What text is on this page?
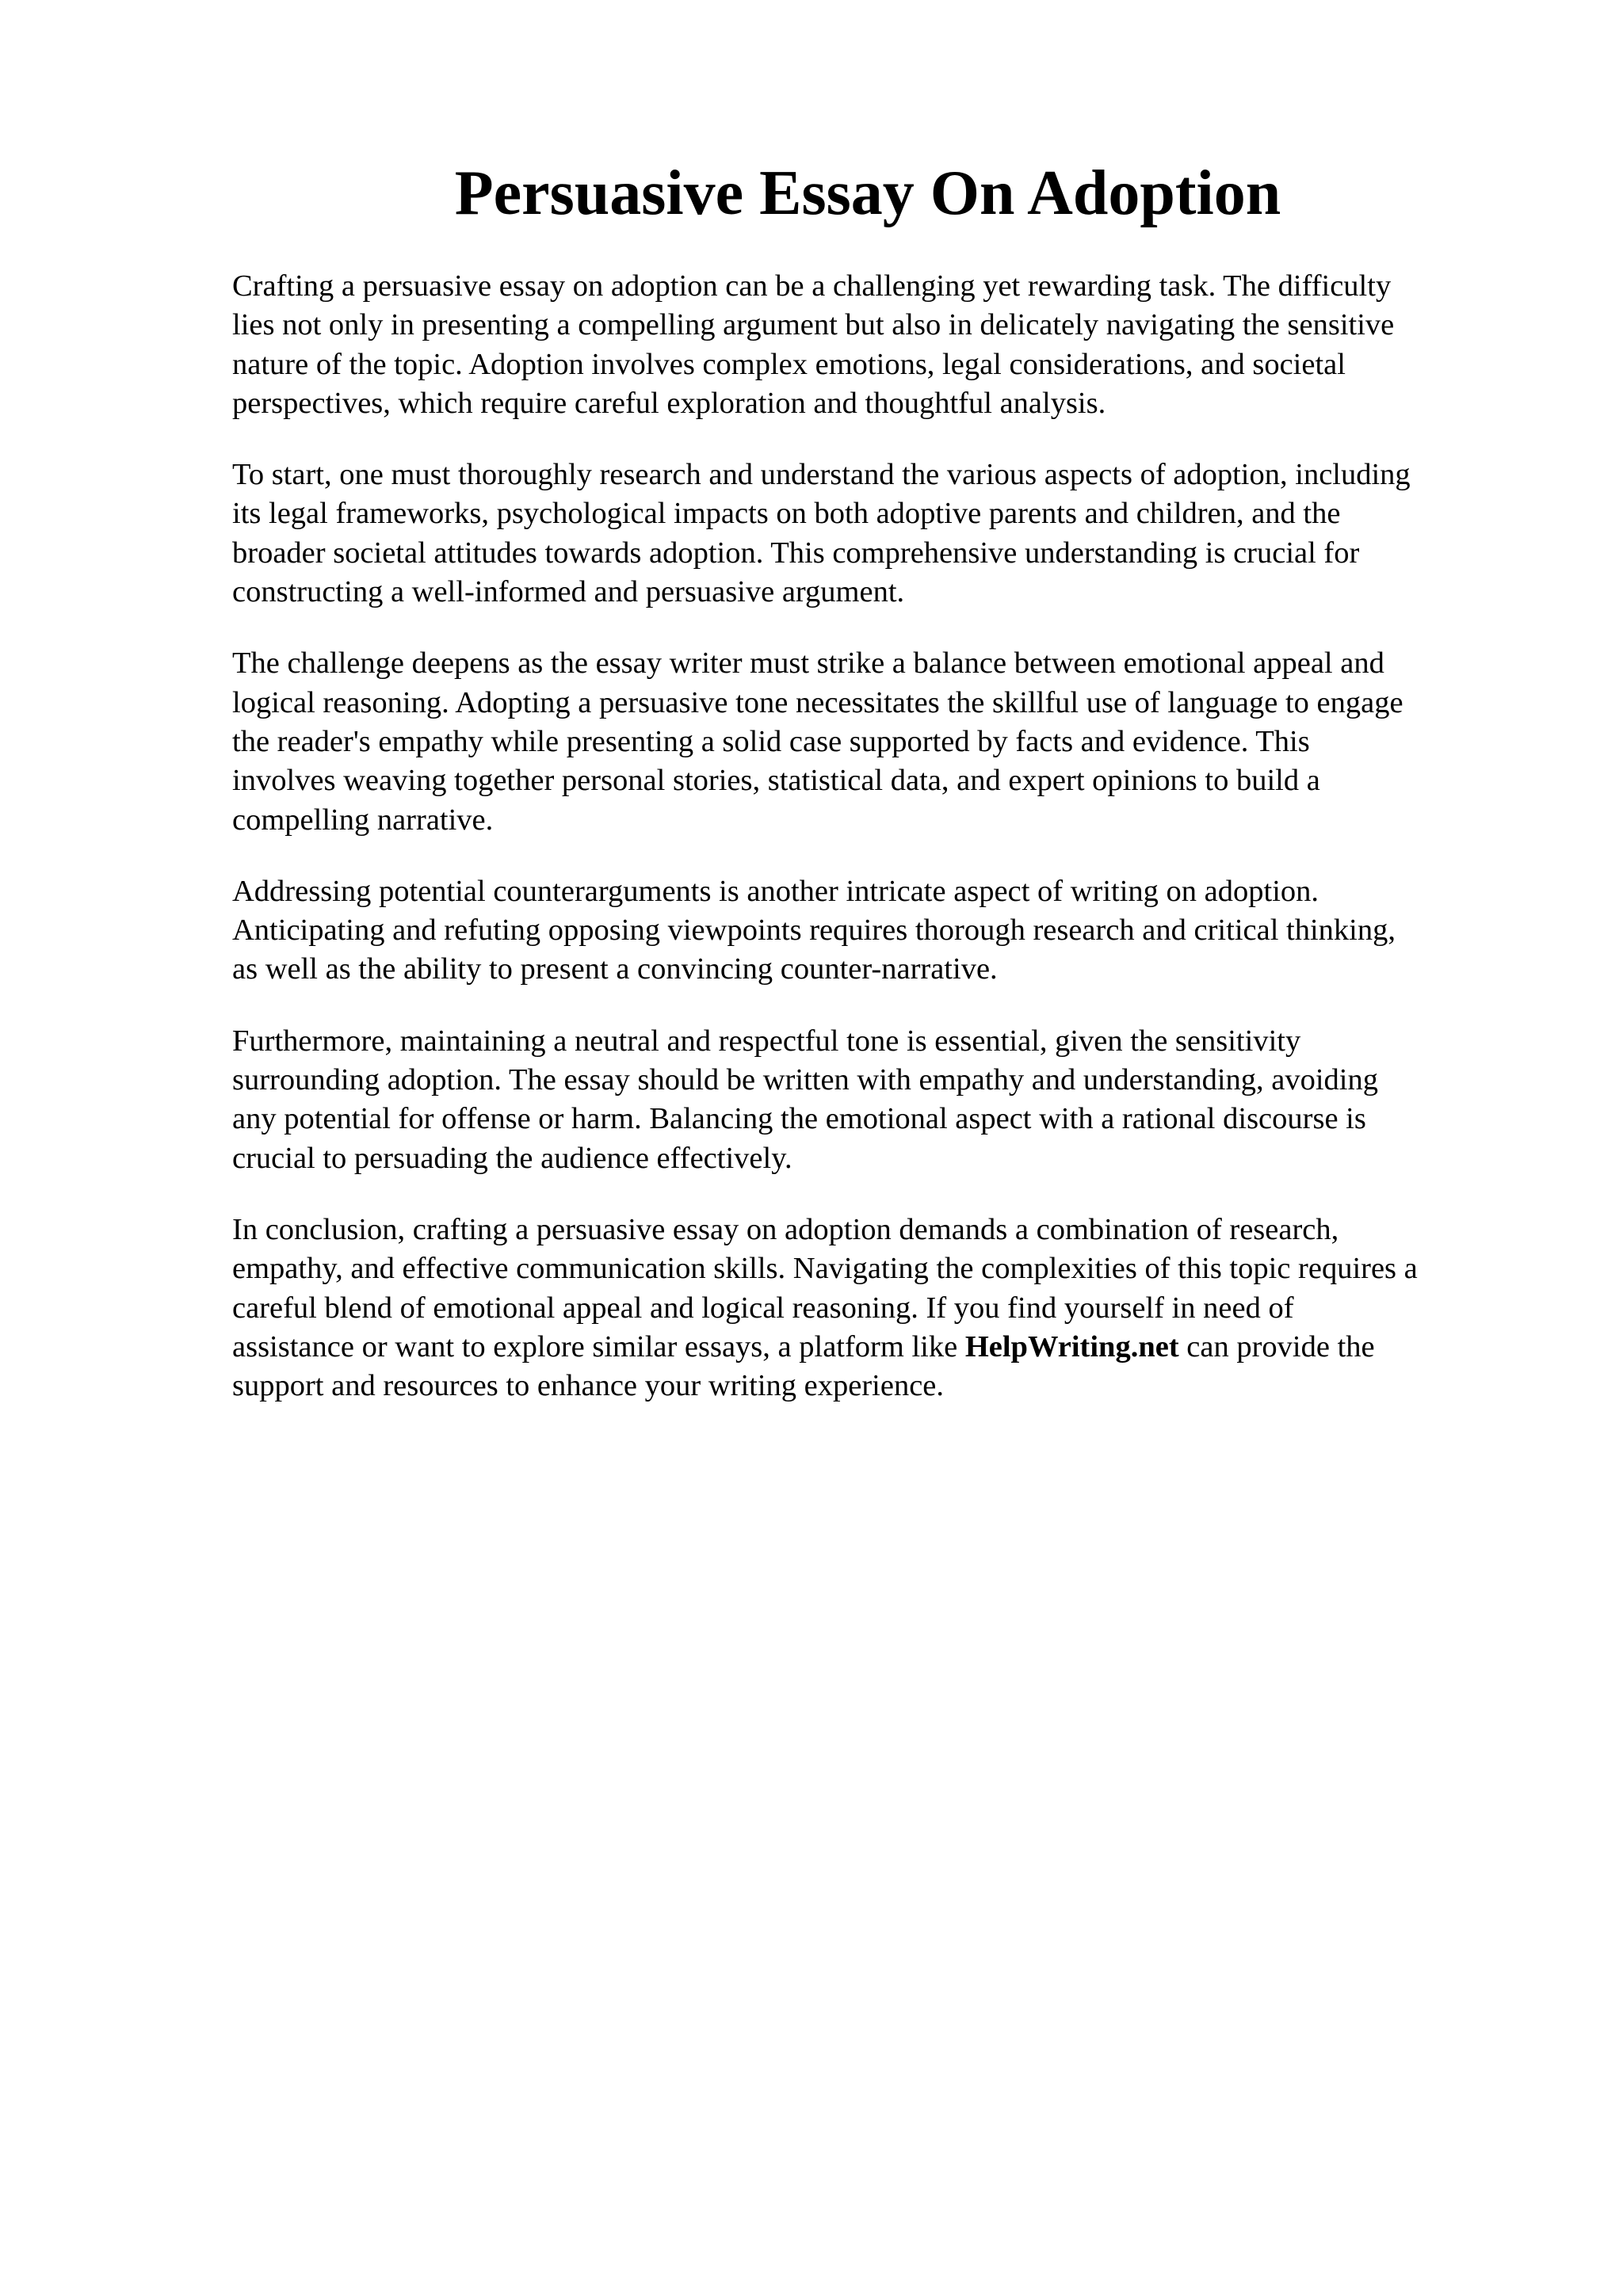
Persuasive Essay On Adoption

Crafting a persuasive essay on adoption can be a challenging yet rewarding task. The difficulty
lies not only in presenting a compelling argument but also in delicately navigating the sensitive
nature of the topic. Adoption involves complex emotions, legal considerations, and societal
perspectives, which require careful exploration and thoughtful analysis.

To start, one must thoroughly research and understand the various aspects of adoption, including
its legal frameworks, psychological impacts on both adoptive parents and children, and the
broader societal attitudes towards adoption. This comprehensive understanding is crucial for
constructing a well-informed and persuasive argument.

The challenge deepens as the essay writer must strike a balance between emotional appeal and
logical reasoning. Adopting a persuasive tone necessitates the skillful use of language to engage
the reader's empathy while presenting a solid case supported by facts and evidence. This
involves weaving together personal stories, statistical data, and expert opinions to build a
compelling narrative.

Addressing potential counterarguments is another intricate aspect of writing on adoption.
Anticipating and refuting opposing viewpoints requires thorough research and critical thinking,
as well as the ability to present a convincing counter-narrative.

Furthermore, maintaining a neutral and respectful tone is essential, given the sensitivity
surrounding adoption. The essay should be written with empathy and understanding, avoiding
any potential for offense or harm. Balancing the emotional aspect with a rational discourse is
crucial to persuading the audience effectively.

In conclusion, crafting a persuasive essay on adoption demands a combination of research,
empathy, and effective communication skills. Navigating the complexities of this topic requires a
careful blend of emotional appeal and logical reasoning. If you find yourself in need of
assistance or want to explore similar essays, a platform like HelpWriting.net can provide the
support and resources to enhance your writing experience.
